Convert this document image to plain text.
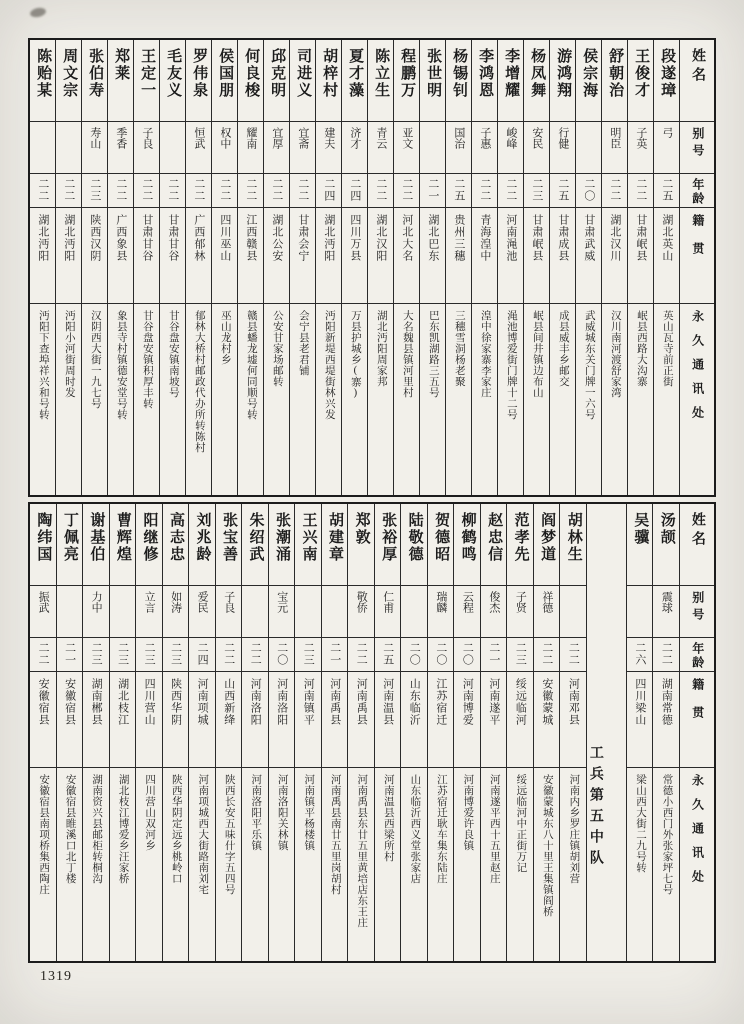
陈贻某
二二
湖北沔阳
沔阳下查埠祥兴和号转
周文宗
二二
湖北沔阳
沔阳小河街周时发
张伯寿
寿山
二三
陕西汉阴
汉阴西大街一九七号
郑莱
季香
二二
广西象县
象县寺村镇德安堂号转
王定一
子良
二二
甘肃甘谷
甘谷盘安镇积厚丰转
毛友义
二二
甘肃甘谷
甘谷盘安镇南坡号
罗伟泉
恒武
二二
广西郁林
郁林大桥村邮政代办所转陈村
侯国朋
权中
二二
四川巫山
巫山龙村乡
何良梭
耀南
二二
江西赣县
赣县蟠龙墟何同顺号转
邱克明
宜厚
二二
湖北公安
公安甘家场邮转
司进义
宜斋
二二
甘肃会宁
会宁县老君铺
胡梓村
建夫
二四
湖北沔阳
沔阳新堤西堤街林兴发
夏才藻
济才
二四
四川万县
万县护城乡(寨)
陈立生
青云
二二
湖北汉阳
湖北沔阳周家邦
程鹏万
亚文
二二
河北大名
大名魏县镇河里村
张世明
二一
湖北巴东
巴东凯湖路三五号
杨锡钊
国治
二五
贵州三穗
三穗雪洞杨老聚
李鸿恩
子惠
二二
青海湟中
湟中徐家寨李家庄
李增耀
峻峰
二二
河南渑池
渑池博爱街门牌十二号
杨凤舞
安民
二三
甘肃岷县
岷县间井镇边布山
游鸿翔
行健
二五
甘肃成县
成县威丰乡邮交
侯宗海
二〇
甘肃武威
武威城东关门牌一六号
舒朝治
明臣
二二
湖北汉川
汉川南河渡舒家湾
王俊才
子英
二二
甘肃岷县
岷县西路大沟寨
段遂璋
弓
二五
湖北英山
英山瓦寺前正街
姓名
别号
年龄
籍贯
永久通讯处
陶纬国
振武
二二
安徽宿县
安徽宿县南项桥集西陶庄
丁佩亮
二一
安徽宿县
安徽宿县睢溪口北丁楼
谢基伯
力中
二三
湖南郴县
湖南资兴县邮柜转桐沟
曹辉煌
二三
湖北枝江
湖北枝江博爱乡汪家桥
阳继修
立言
二三
四川营山
四川营山双河乡
高志忠
如涛
二三
陕西华阴
陕西华阴定远乡桃岭口
刘兆龄
爱民
二四
河南项城
河南项城西大街路南刘宅
张宝善
子良
二二
山西新绛
陕西长安五味什字五四号
朱绍武
二二
河南洛阳
河南洛阳平乐镇
张潮涌
宝元
二〇
河南洛阳
河南洛阳关林镇
王兴南
二三
河南镇平
河南镇平杨楼镇
胡建章
二一
河南禹县
河南禹县南廿五里岗胡村
郑敦
敬侨
二二
河南禹县
河南禹县东廿五里黄培店东王庄
张裕厚
仁甫
二五
河南温县
河南温县西梁所村
陆敬德
二〇
山东临沂
山东临沂西义堂张家店
贺德昭
瑞麟
二〇
江苏宿迁
江苏宿迁耿车集东陆庄
柳鹤鸣
云程
二〇
河南博爱
河南博爱许良镇
赵忠信
俊杰
二一
河南遂平
河南遂平西十五里赵庄
范孝先
子贤
二三
绥远临河
绥远临河中正街万记
阎梦道
祥德
二二
安徽蒙城
安徽蒙城东八十里王集镇阎桥
胡林生
二二
河南邓县
河南内乡罗庄镇胡刘营 工兵第五中队
吴骥
二六
四川梁山
梁山西大街二九号转
汤颉
震球
二二
湖南常德
常德小西门外张家坪七号
姓名
别号
年龄
籍贯
永久通讯处
1319
